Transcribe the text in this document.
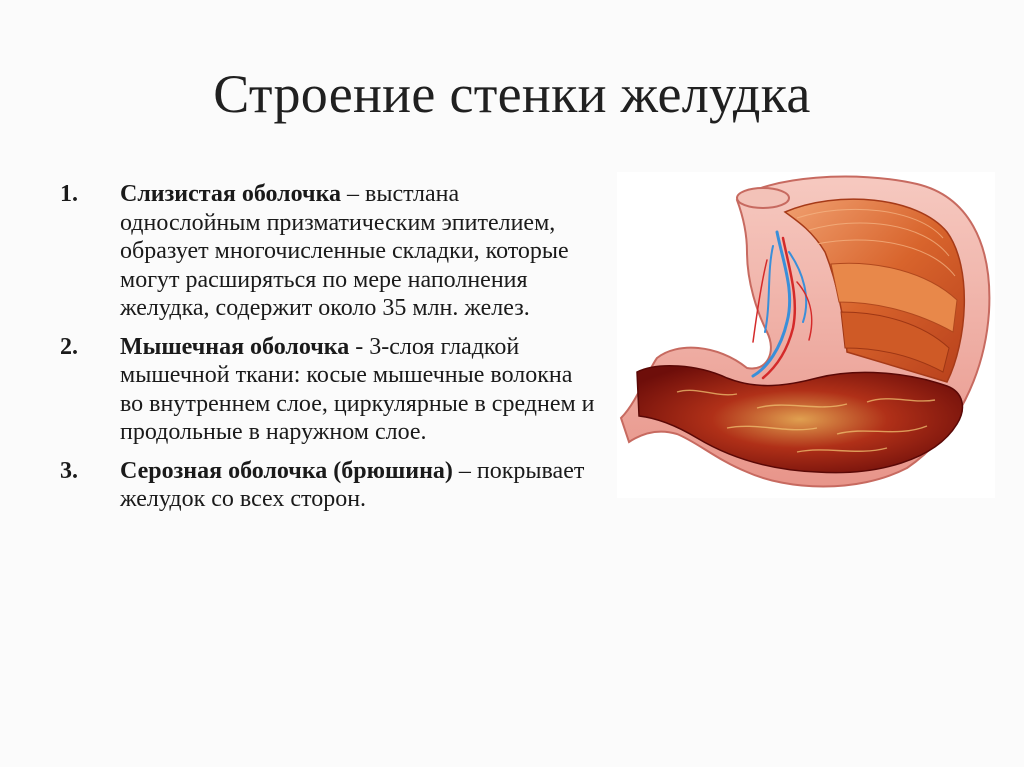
Строение стенки желудка
1.	Слизистая оболочка – выстлана однослойным призматическим эпителием, образует многочисленные складки, которые могут расширяться по мере наполнения желудка, содержит около 35 млн. желез.
2.	Мышечная оболочка - 3-слоя гладкой мышечной ткани: косые мышечные волокна во внутреннем слое, циркулярные в среднем и продольные в наружном слое.
3.	Серозная оболочка (брюшина) – покрывает желудок со всех сторон.
